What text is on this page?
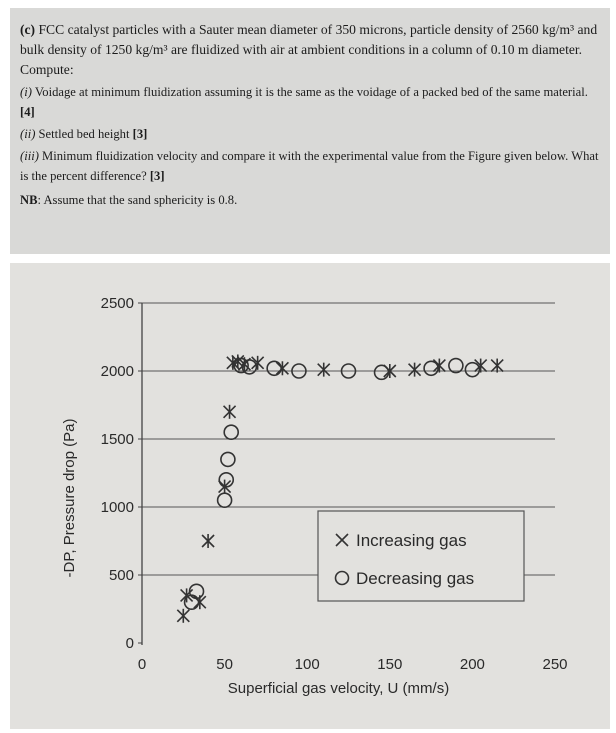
(c) FCC catalyst particles with a Sauter mean diameter of 350 microns, particle density of 2560 kg/m³ and bulk density of 1250 kg/m³ are fluidized with air at ambient conditions in a column of 0.10 m diameter. Compute:

(i) Voidage at minimum fluidization assuming it is the same as the voidage of a packed bed of the same material. [4]

(ii) Settled bed height [3]

(iii) Minimum fluidization velocity and compare it with the experimental value from the Figure given below. What is the percent difference? [3]

NB: Assume that the sand sphericity is 0.8.

0
500
1000
1500
2000
2500
0	50	100	150	200	250
-DP, Pressure drop (Pa)
Superficial gas velocity, U (mm/s)
Increasing gas
Decreasing gas
